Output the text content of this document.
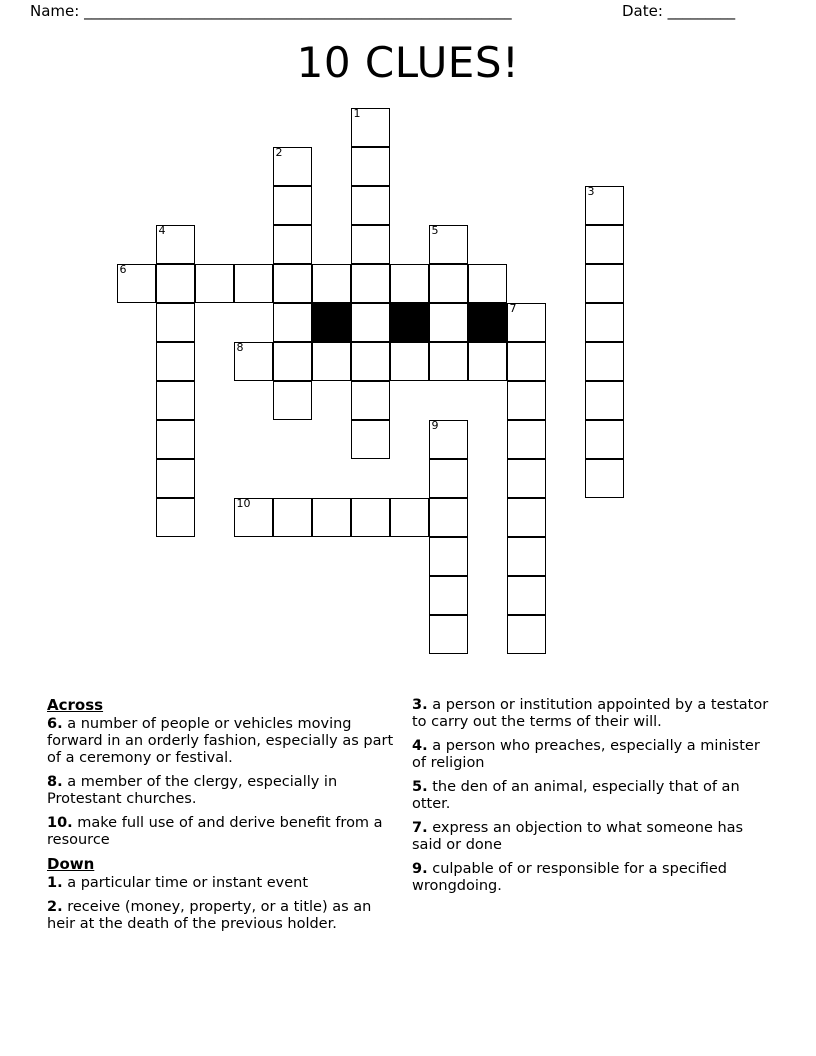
Name: _________________________________________________________	Date: _________
10 CLUES!
1
2
3
4	5
6
7
8
9
10
Across
6. a number of people or vehicles moving forward in an orderly fashion, especially as part of a ceremony or festival.
8. a member of the clergy, especially in Protestant churches.
10. make full use of and derive benefit from a resource
Down
1. a particular time or instant event
2. receive (money, property, or a title) as an heir at the death of the previous holder.
3. a person or institution appointed by a testator to carry out the terms of their will.
4. a person who preaches, especially a minister of religion
5. the den of an animal, especially that of an otter.
7. express an objection to what someone has said or done
9. culpable of or responsible for a specified wrongdoing.
